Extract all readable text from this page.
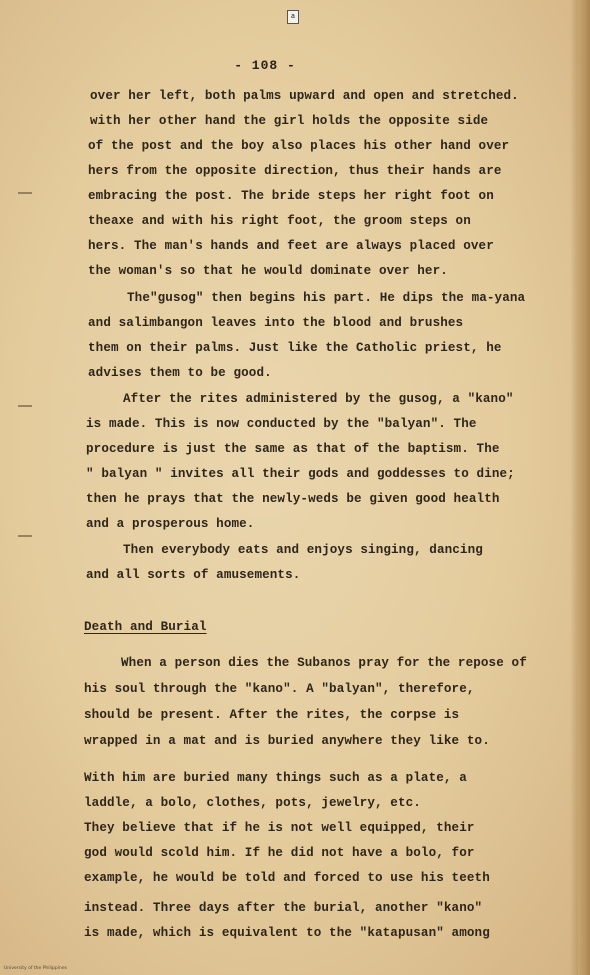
a
- 108 -
over her left, both palms upward and open and stretched.
with her other hand the girl holds the opposite side
of the post and the boy also places his other hand over
hers from the opposite direction, thus their hands are
embracing the post. The bride steps her right foot on
theaxe and with his right foot, the groom steps on
hers. The man's hands and feet are always placed over
the woman's so that he would dominate over her.
The"gusog" then begins his part. He dips the ma-yana
and salimbangon leaves into the blood and brushes
them on their palms. Just like the Catholic priest, he
advises them to be good.
After the rites administered by the gusog, a "kano"
is made. This is now conducted by the "balyan". The
procedure is just the same as that of the baptism. The
" balyan " invites all their gods and goddesses to dine;
then he prays that the newly-weds be given good health
and a prosperous home.
Then everybody eats and enjoys singing, dancing
and all sorts of amusements.
Death and Burial
When a person dies the Subanos pray for the repose of
his soul through the "kano". A "balyan", therefore,
should be present. After the rites, the corpse is
wrapped in a mat and is buried anywhere they like to.
With him are buried many things such as a plate, a
laddle, a bolo, clothes, pots, jewelry, etc.
They believe that if he is not well equipped, their
god would scold him. If he did not have a bolo, for
example, he would be told and forced to use his teeth
instead. Three days after the burial, another "kano"
is made, which is equivalent to the "katapusan" among
University of the Philippines
